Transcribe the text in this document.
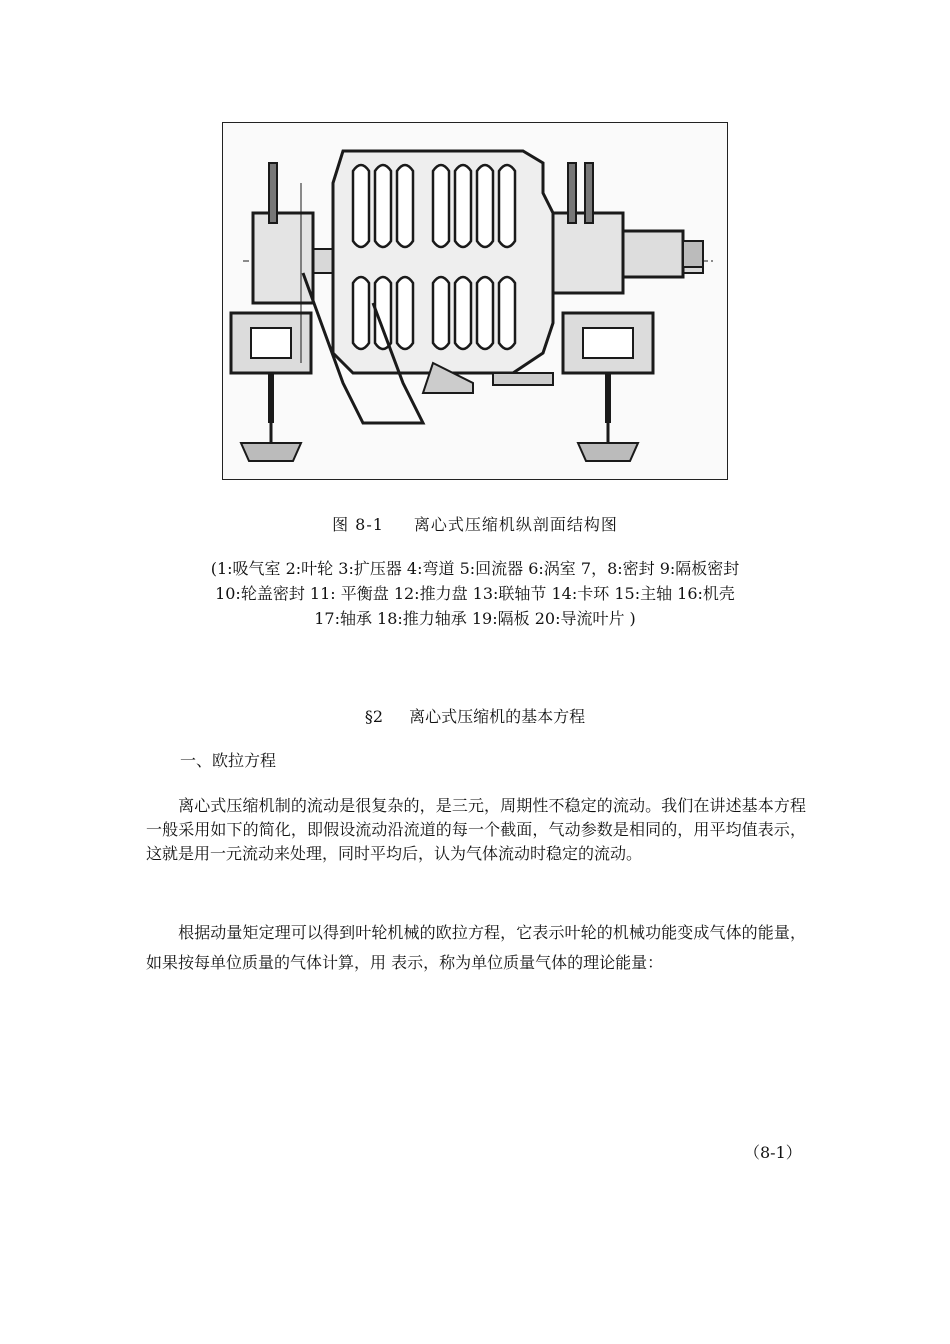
图 8-1 离心式压缩机纵剖面结构图
(1:吸气室 2:叶轮 3:扩压器 4:弯道 5:回流器 6:涡室 7，8:密封 9:隔板密封
10:轮盖密封 11: 平衡盘 12:推力盘 13:联轴节 14:卡环 15:主轴 16:机壳
17:轴承 18:推力轴承 19:隔板 20:导流叶片 )
§2 离心式压缩机的基本方程
一、欧拉方程
离心式压缩机制的流动是很复杂的，是三元，周期性不稳定的流动。我们在讲述基本方程一般采用如下的简化，即假设流动沿流道的每一个截面，气动参数是相同的，用平均值表示，这就是用一元流动来处理，同时平均后，认为气体流动时稳定的流动。
根据动量矩定理可以得到叶轮机械的欧拉方程，它表示叶轮的机械功能变成气体的能量，如果按每单位质量的气体计算，用 表示，称为单位质量气体的理论能量：
（8-1）
